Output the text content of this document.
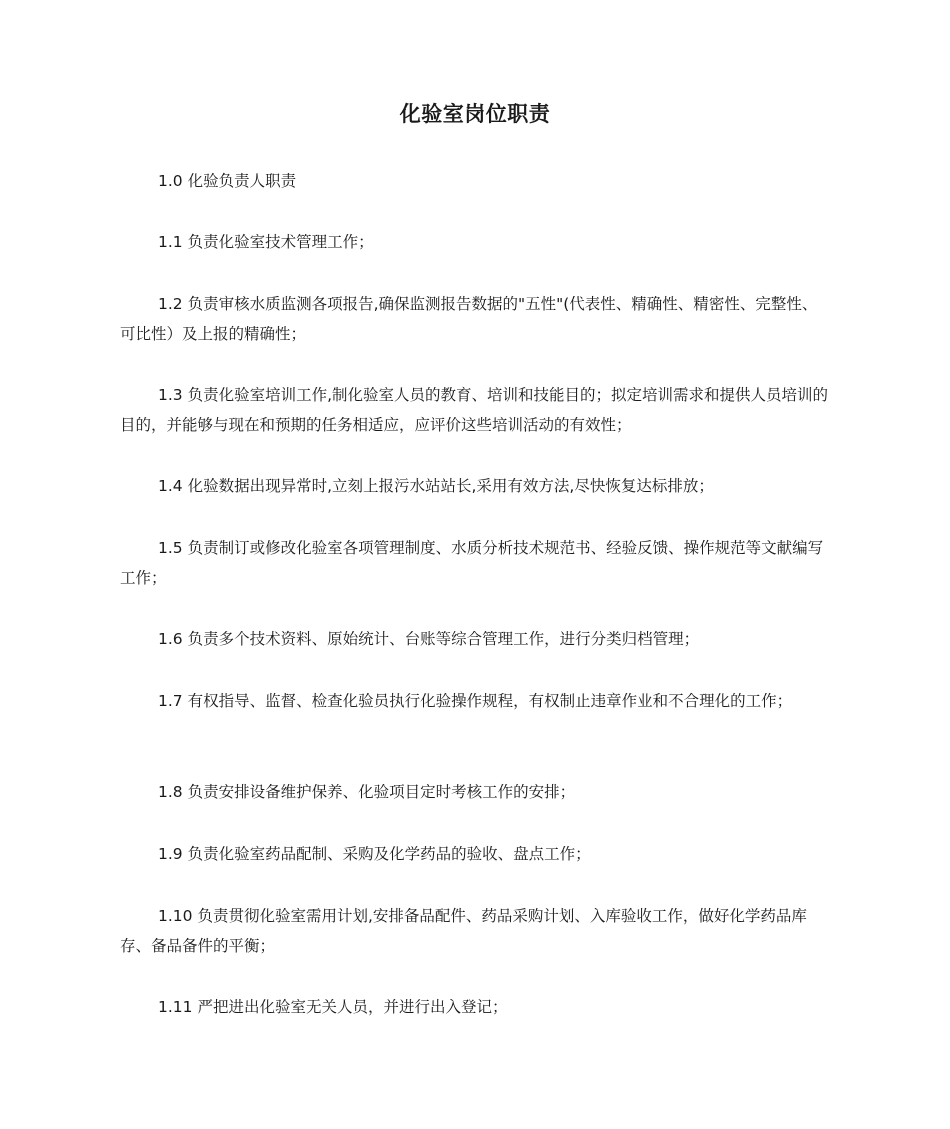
化验室岗位职责

1.0 化验负责人职责

1.1 负责化验室技术管理工作；

1.2 负责审核水质监测各项报告,确保监测报告数据的"五性"(代表性、精确性、精密性、完整性、可比性）及上报的精确性；

1.3 负责化验室培训工作,制化验室人员的教育、培训和技能目的；拟定培训需求和提供人员培训的目的，并能够与现在和预期的任务相适应，应评价这些培训活动的有效性；

1.4 化验数据出现异常时,立刻上报污水站站长,采用有效方法,尽快恢复达标排放；

1.5 负责制订或修改化验室各项管理制度、水质分析技术规范书、经验反馈、操作规范等文献编写工作；

1.6 负责多个技术资料、原始统计、台账等综合管理工作，进行分类归档管理；

1.7 有权指导、监督、检查化验员执行化验操作规程，有权制止违章作业和不合理化的工作；

1.8 负责安排设备维护保养、化验项目定时考核工作的安排；

1.9 负责化验室药品配制、采购及化学药品的验收、盘点工作；

1.10 负责贯彻化验室需用计划,安排备品配件、药品采购计划、入库验收工作，做好化学药品库存、备品备件的平衡；

1.11 严把进出化验室无关人员，并进行出入登记；
